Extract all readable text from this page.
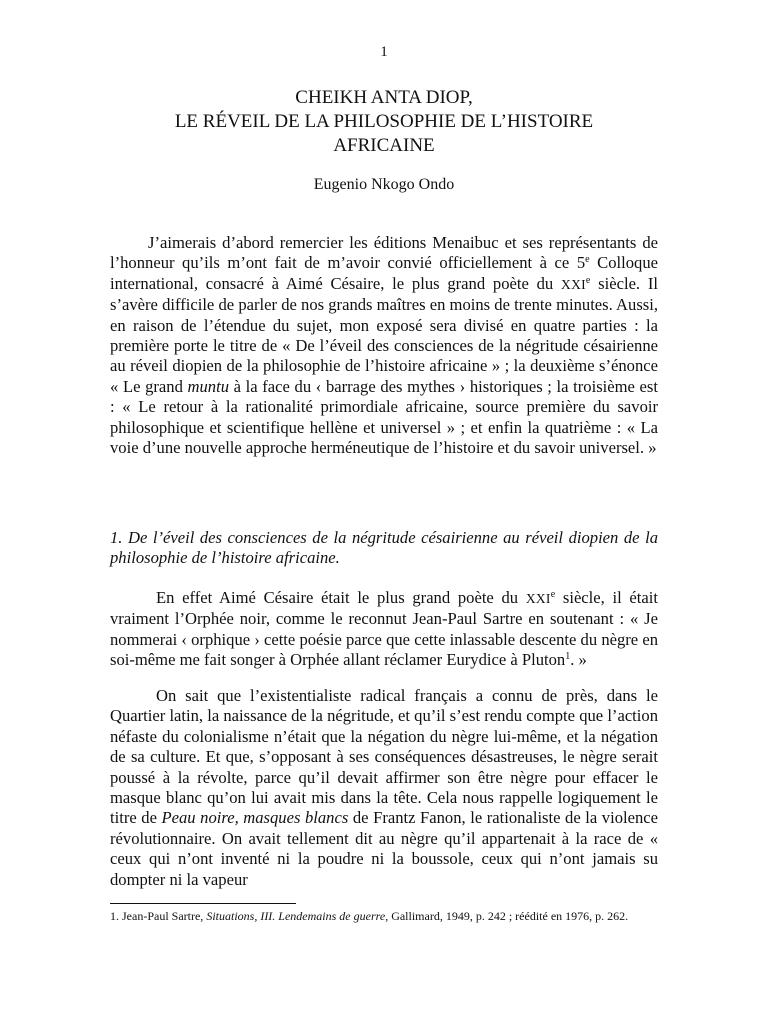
1
CHEIKH ANTA DIOP,
LE RÉVEIL DE LA PHILOSOPHIE DE L’HISTOIRE
AFRICAINE
Eugenio Nkogo Ondo

J’aimerais d’abord remercier les éditions Menaibuc et ses représentants de l’honneur qu’ils m’ont fait de m’avoir convié officiellement à ce 5e Colloque international, consacré à Aimé Césaire, le plus grand poète du XXIe siècle. Il s’avère difficile de parler de nos grands maîtres en moins de trente minutes. Aussi, en raison de l’étendue du sujet, mon exposé sera divisé en quatre parties : la première porte le titre de « De l’éveil des consciences de la négritude césairienne au réveil diopien de la philosophie de l’histoire africaine » ; la deuxième s’énonce « Le grand muntu à la face du ‹ barrage des mythes › historiques ; la troisième est : « Le retour à la rationalité primordiale africaine, source première du savoir philosophique et scientifique hellène et universel » ; et enfin la quatrième : « La voie d’une nouvelle approche herméneutique de l’histoire et du savoir universel. »

1. De l’éveil des consciences de la négritude césairienne au réveil diopien de la philosophie de l’histoire africaine.

En effet Aimé Césaire était le plus grand poète du XXIe siècle, il était vraiment l’Orphée noir, comme le reconnut Jean-Paul Sartre en soutenant : « Je nommerai ‹ orphique › cette poésie parce que cette inlassable descente du nègre en soi-même me fait songer à Orphée allant réclamer Eurydice à Pluton$^1$. »

On sait que l’existentialiste radical français a connu de près, dans le Quartier latin, la naissance de la négritude, et qu’il s’est rendu compte que l’action néfaste du colonialisme n’était que la négation du nègre lui-même, et la négation de sa culture. Et que, s’opposant à ses conséquences désastreuses, le nègre serait poussé à la révolte, parce qu’il devait affirmer son être nègre pour effacer le masque blanc qu’on lui avait mis dans la tête. Cela nous rappelle logiquement le titre de Peau noire, masques blancs de Frantz Fanon, le rationaliste de la violence révolutionnaire. On avait tellement dit au nègre qu’il appartenait à la race de « ceux qui n’ont inventé ni la poudre ni la boussole, ceux qui n’ont jamais su dompter ni la vapeur

1. Jean-Paul Sartre, Situations, III. Lendemains de guerre, Gallimard, 1949, p. 242 ; réédité en 1976, p. 262.
